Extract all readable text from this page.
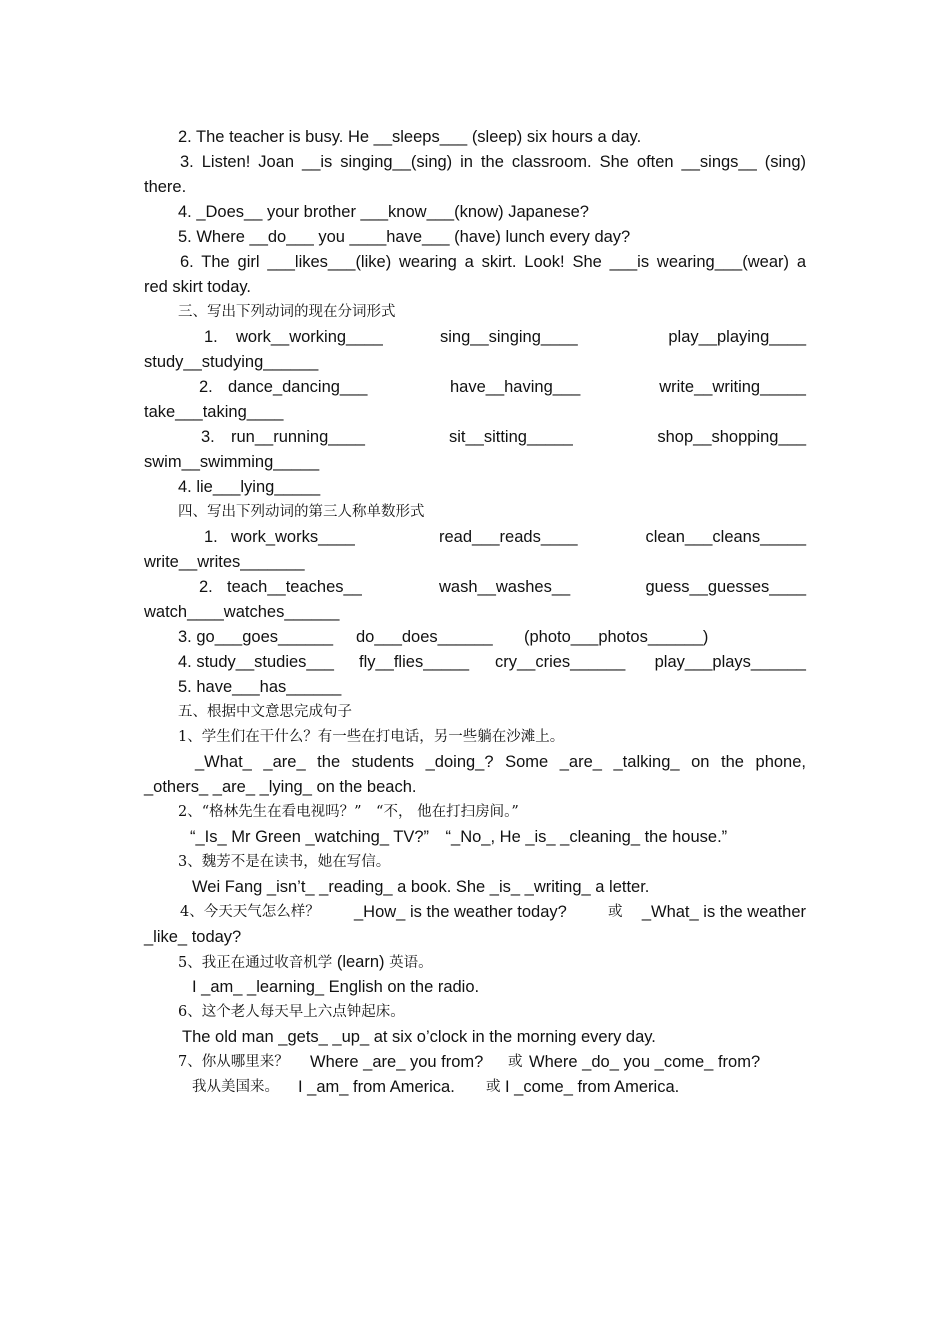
2. The teacher is busy. He __sleeps___ (sleep) six hours a day.
3. Listen! Joan __is singing__(sing) in the classroom. She often __sings__ (sing)
there.
4. _Does__ your brother ___know___(know) Japanese?
5. Where __do___ you ____have___ (have) lunch every day?
6. The girl ___likes___(like) wearing a skirt. Look! She ___is wearing___(wear) a
red skirt today.
三、写出下列动词的现在分词形式
1. work__working____	sing__singing____	play__playing____
study__studying______
2. dance_dancing___	have__having___	write__writing_____
take___taking____
3. run__running____	sit__sitting_____	shop__shopping___
swim__swimming_____
4. lie___lying_____
四、写出下列动词的第三人称单数形式
1. work_works____	read___reads____	clean___cleans_____
write__writes_______
2. teach__teaches__	wash__washes__	guess__guesses____
watch____watches______
3. go___goes______ do___does______ (photo___photos______)
4. study__studies___ fly__flies_____ cry__cries______ play___plays______
5. have___has______
五、根据中文意思完成句子
1、学生们在干什么？有一些在打电话，另一些躺在沙滩上。
_What_ _are_ the students _doing_? Some _are_ _talking_ on the phone,
_others_ _are_ _lying_ on the beach.
2、“格林先生在看电视吗？”　“不， 他在打扫房间。”
“_Is_ Mr Green _watching_ TV?”　“_No_, He _is_ _cleaning_ the house.”
3、魏芳不是在读书，她在写信。
Wei Fang _isn’t_ _reading_ a book. She _is_ _writing_ a letter.
4、今天天气怎么样？ _How_ is the weather today?	或 _What_ is the weather
_like_ today?
5、我正在通过收音机学 (learn) 英语。
I _am_ _learning_ English on the radio.
6、这个老人每天早上六点钟起床。
The old man _gets_ _up_ at six o’clock in the morning every day.
7、你从哪里来？ Where _are_ you from? 或 Where _do_ you _come_ from?
我从美国来。 I _am_ from America. 或 I _come_ from America.
